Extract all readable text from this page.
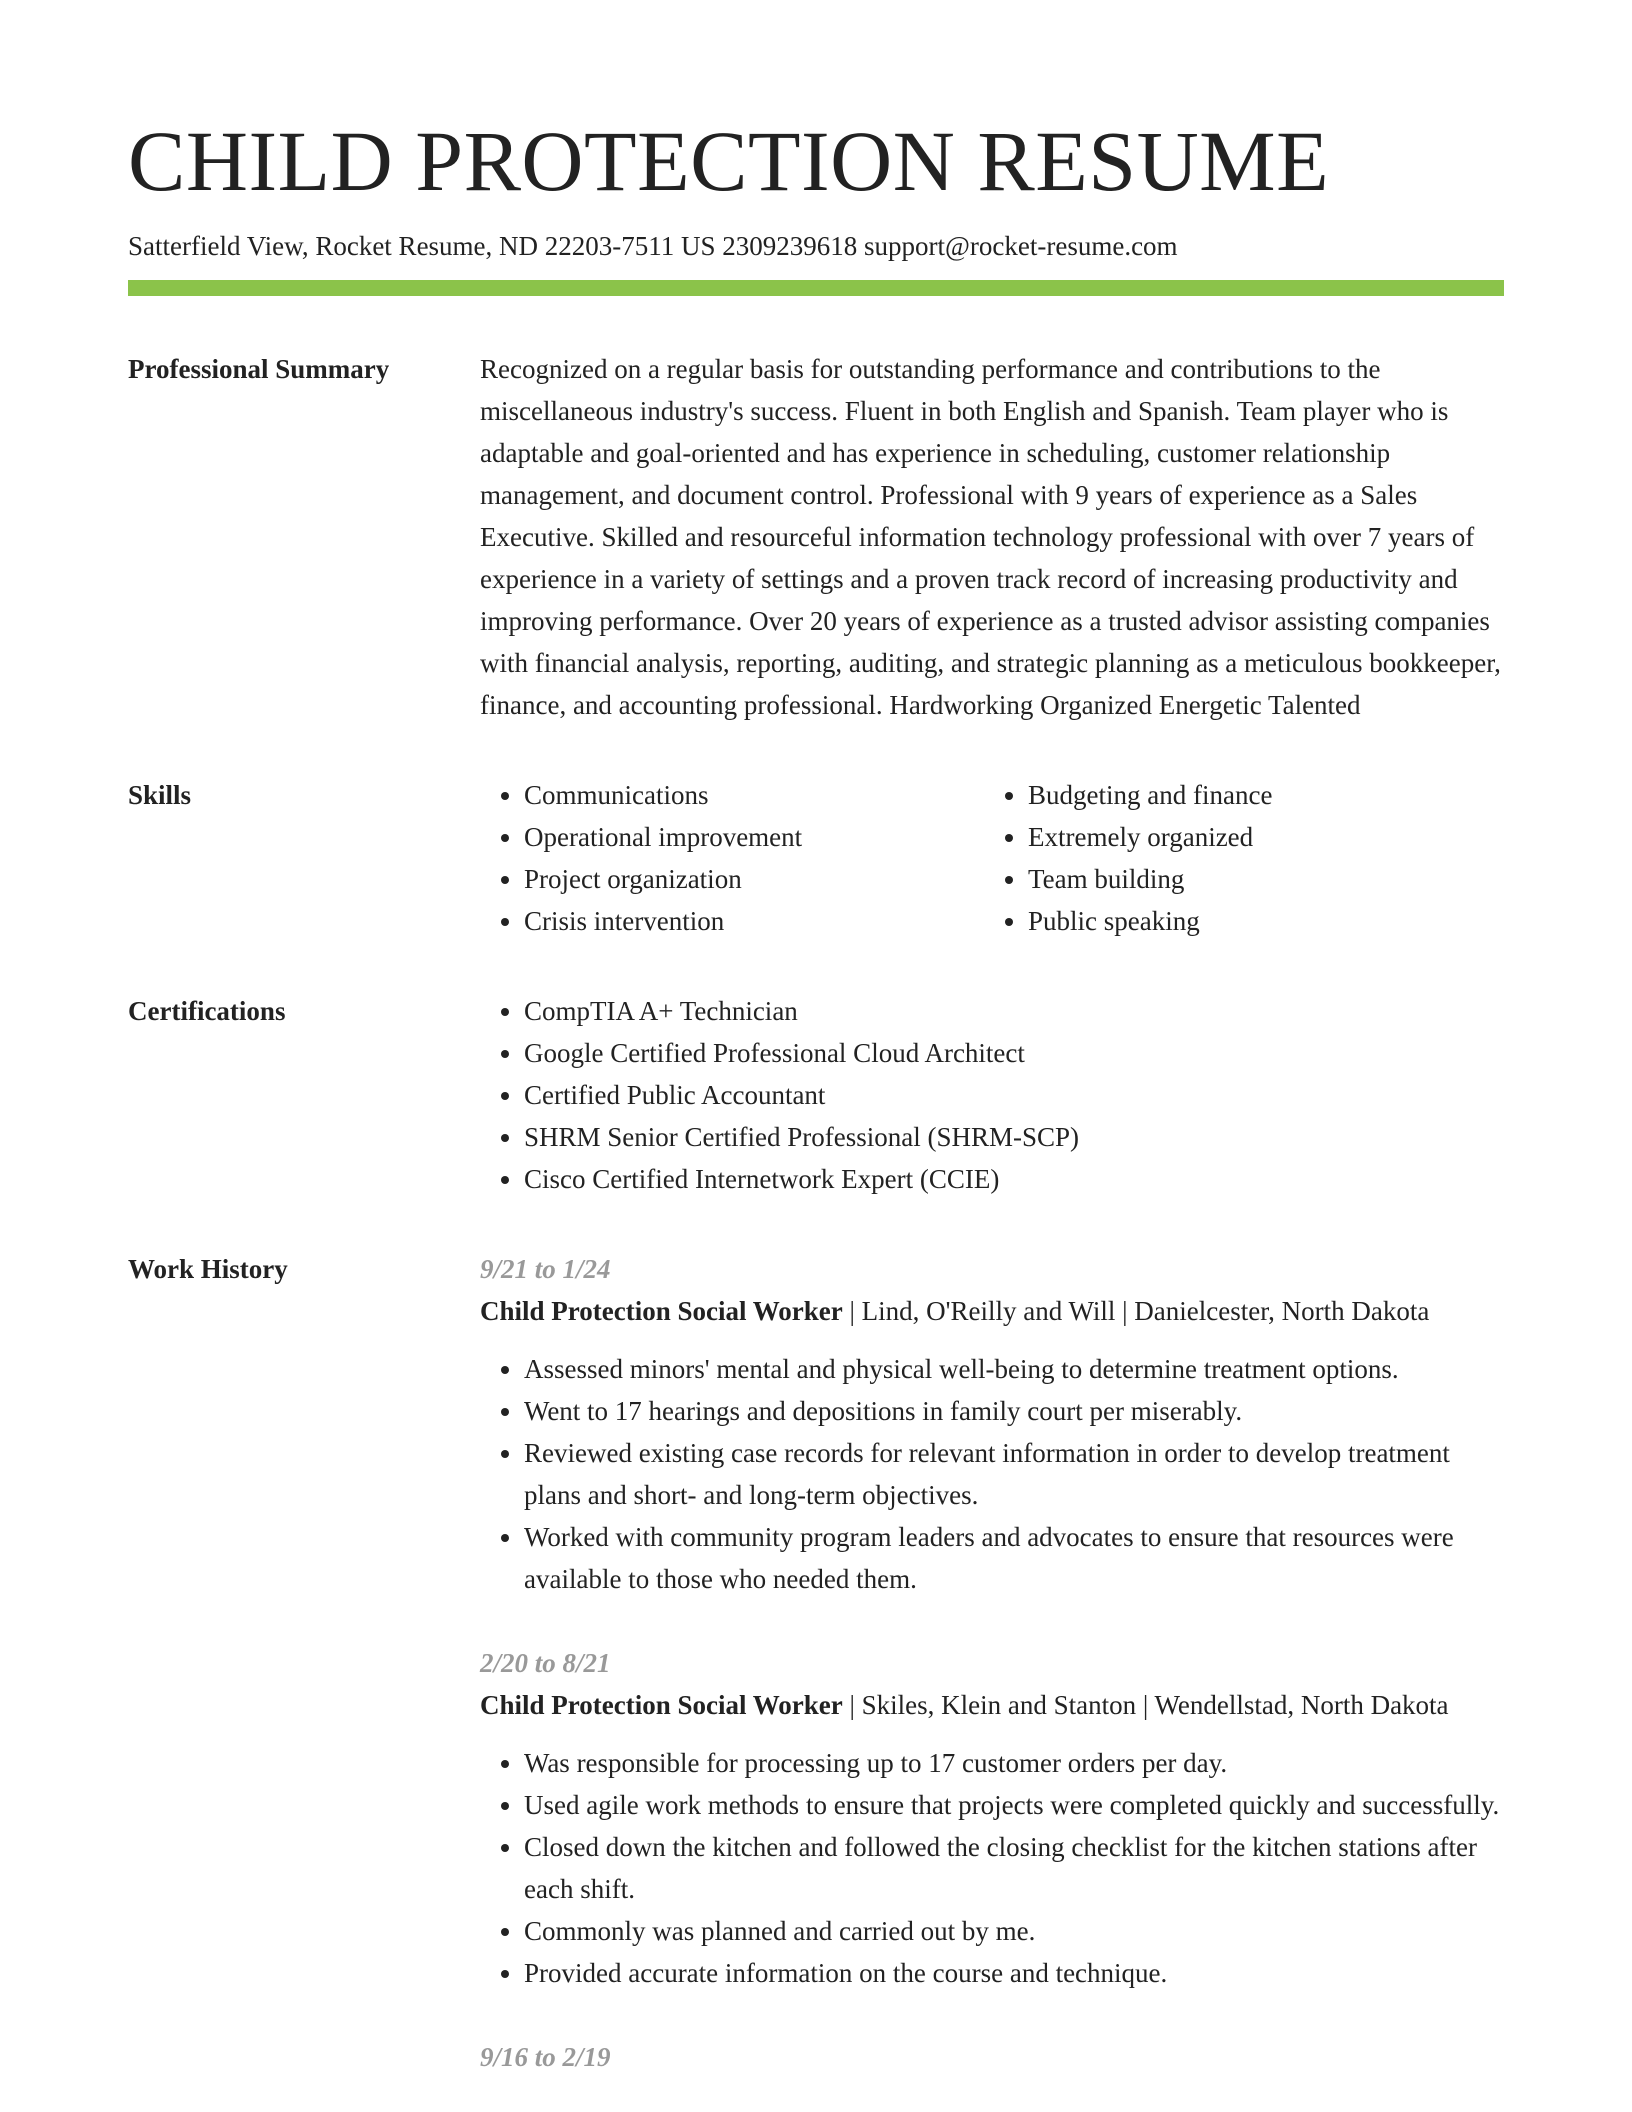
CHILD PROTECTION RESUME
Satterfield View, Rocket Resume, ND 22203-7511 US 2309239618 support@rocket-resume.com
Professional Summary	Recognized on a regular basis for outstanding performance and contributions to the miscellaneous industry's success. Fluent in both English and Spanish. Team player who is adaptable and goal-oriented and has experience in scheduling, customer relationship management, and document control. Professional with 9 years of experience as a Sales Executive. Skilled and resourceful information technology professional with over 7 years of experience in a variety of settings and a proven track record of increasing productivity and improving performance. Over 20 years of experience as a trusted advisor assisting companies with financial analysis, reporting, auditing, and strategic planning as a meticulous bookkeeper, finance, and accounting professional. Hardworking Organized Energetic Talented

Skills	• Communications
• Operational improvement
• Project organization
• Crisis intervention
• Budgeting and finance
• Extremely organized
• Team building
• Public speaking
Certifications	• CompTIA A+ Technician
• Google Certified Professional Cloud Architect
• Certified Public Accountant
• SHRM Senior Certified Professional (SHRM-SCP)
• Cisco Certified Internetwork Expert (CCIE)
Work History	9/21 to 1/24
Child Protection Social Worker | Lind, O'Reilly and Will | Danielcester, North Dakota
• Assessed minors' mental and physical well-being to determine treatment options.
• Went to 17 hearings and depositions in family court per miserably.
• Reviewed existing case records for relevant information in order to develop treatment plans and short- and long-term objectives.
• Worked with community program leaders and advocates to ensure that resources were available to those who needed them.
2/20 to 8/21
Child Protection Social Worker | Skiles, Klein and Stanton | Wendellstad, North Dakota
• Was responsible for processing up to 17 customer orders per day.
• Used agile work methods to ensure that projects were completed quickly and successfully.
• Closed down the kitchen and followed the closing checklist for the kitchen stations after each shift.
• Commonly was planned and carried out by me.
• Provided accurate information on the course and technique.
9/16 to 2/19
